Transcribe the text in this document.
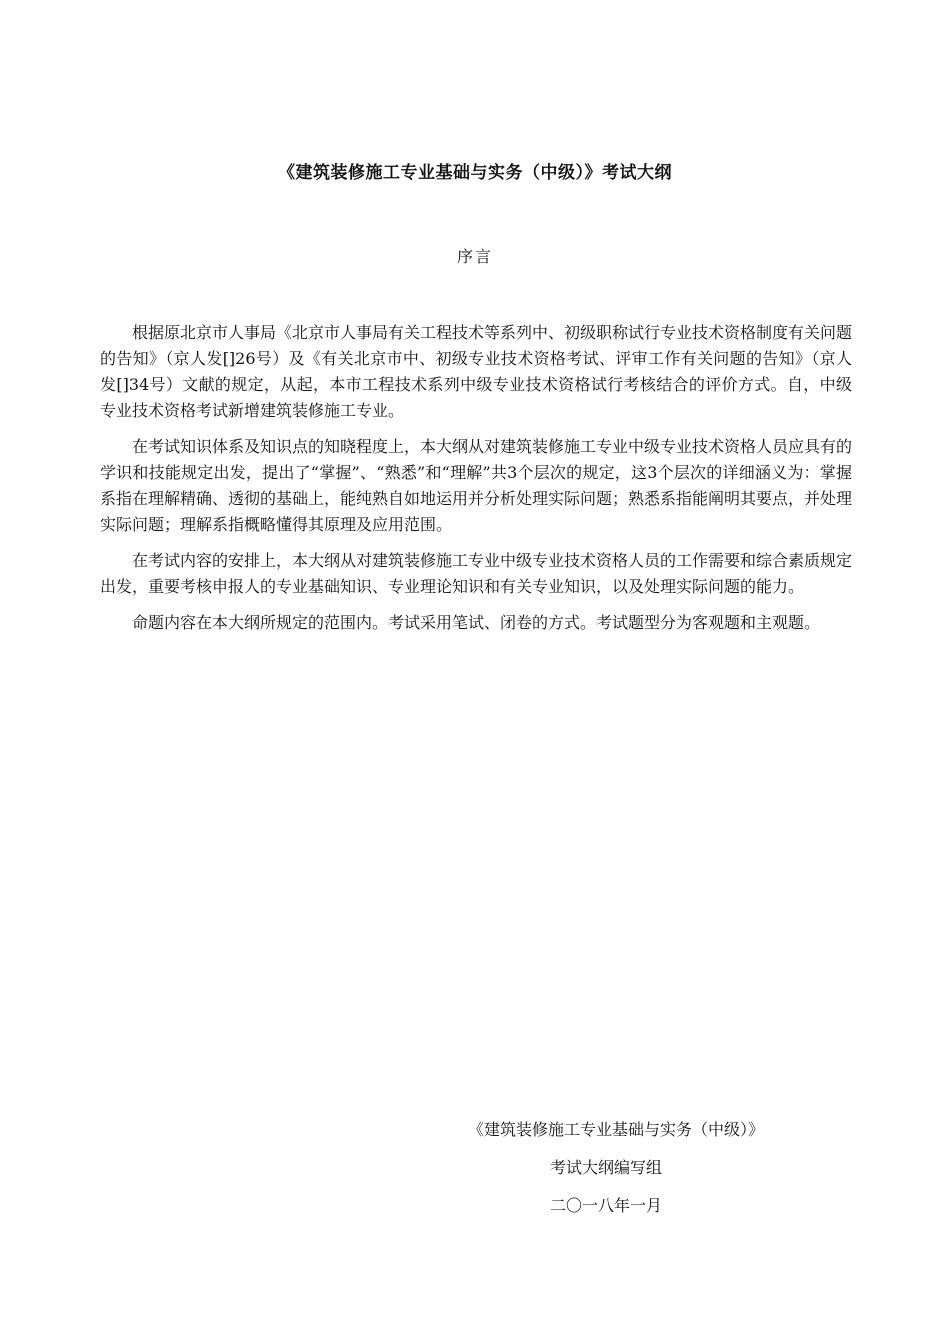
《建筑装修施工专业基础与实务（中级）》考试大纲
序言

根据原北京市人事局《北京市人事局有关工程技术等系列中、初级职称试行专业技术资格制度有关问题的告知》（京人发[]26号）及《有关北京市中、初级专业技术资格考试、评审工作有关问题的告知》（京人发[]34号）文献的规定，从起，本市工程技术系列中级专业技术资格试行考核结合的评价方式。自，中级专业技术资格考试新增建筑装修施工专业。

在考试知识体系及知识点的知晓程度上，本大纲从对建筑装修施工专业中级专业技术资格人员应具有的学识和技能规定出发，提出了“掌握”、“熟悉”和“理解”共3个层次的规定，这3个层次的详细涵义为：掌握系指在理解精确、透彻的基础上，能纯熟自如地运用并分析处理实际问题；熟悉系指能阐明其要点，并处理实际问题；理解系指概略懂得其原理及应用范围。

在考试内容的安排上，本大纲从对建筑装修施工专业中级专业技术资格人员的工作需要和综合素质规定出发，重要考核申报人的专业基础知识、专业理论知识和有关专业知识，以及处理实际问题的能力。

命题内容在本大纲所规定的范围内。考试采用笔试、闭卷的方式。考试题型分为客观题和主观题。

《建筑装修施工专业基础与实务（中级）》
考试大纲编写组
二〇一八年一月
